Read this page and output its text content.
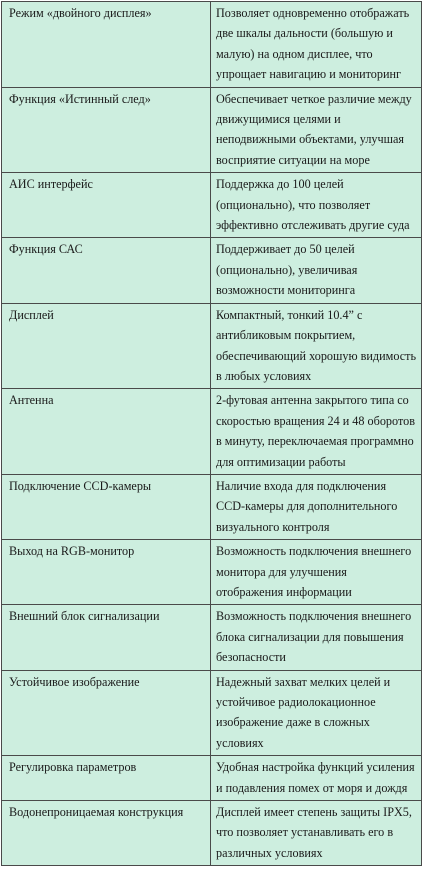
Режим «двойного дисплея»	Позволяет одновременно отображать две шкалы дальности (большую и малую) на одном дисплее, что упрощает навигацию и мониторинг
Функция «Истинный след»	Обеспечивает четкое различие между движущимися целями и неподвижными объектами, улучшая восприятие ситуации на море
АИС интерфейс	Поддержка до 100 целей (опционально), что позволяет эффективно отслеживать другие суда
Функция САС	Поддерживает до 50 целей (опционально), увеличивая возможности мониторинга
Дисплей	Компактный, тонкий 10.4” с антибликовым покрытием, обеспечивающий хорошую видимость в любых условиях
Антенна	2-футовая антенна закрытого типа со скоростью вращения 24 и 48 оборотов в минуту, переключаемая программно для оптимизации работы
Подключение CCD-камеры	Наличие входа для подключения CCD-камеры для дополнительного визуального контроля
Выход на RGB-монитор	Возможность подключения внешнего монитора для улучшения отображения информации
Внешний блок сигнализации	Возможность подключения внешнего блока сигнализации для повышения безопасности
Устойчивое изображение	Надежный захват мелких целей и устойчивое радиолокационное изображение даже в сложных условиях
Регулировка параметров	Удобная настройка функций усиления и подавления помех от моря и дождя
Водонепроницаемая конструкция	Дисплей имеет степень защиты IPX5, что позволяет устанавливать его в различных условиях
